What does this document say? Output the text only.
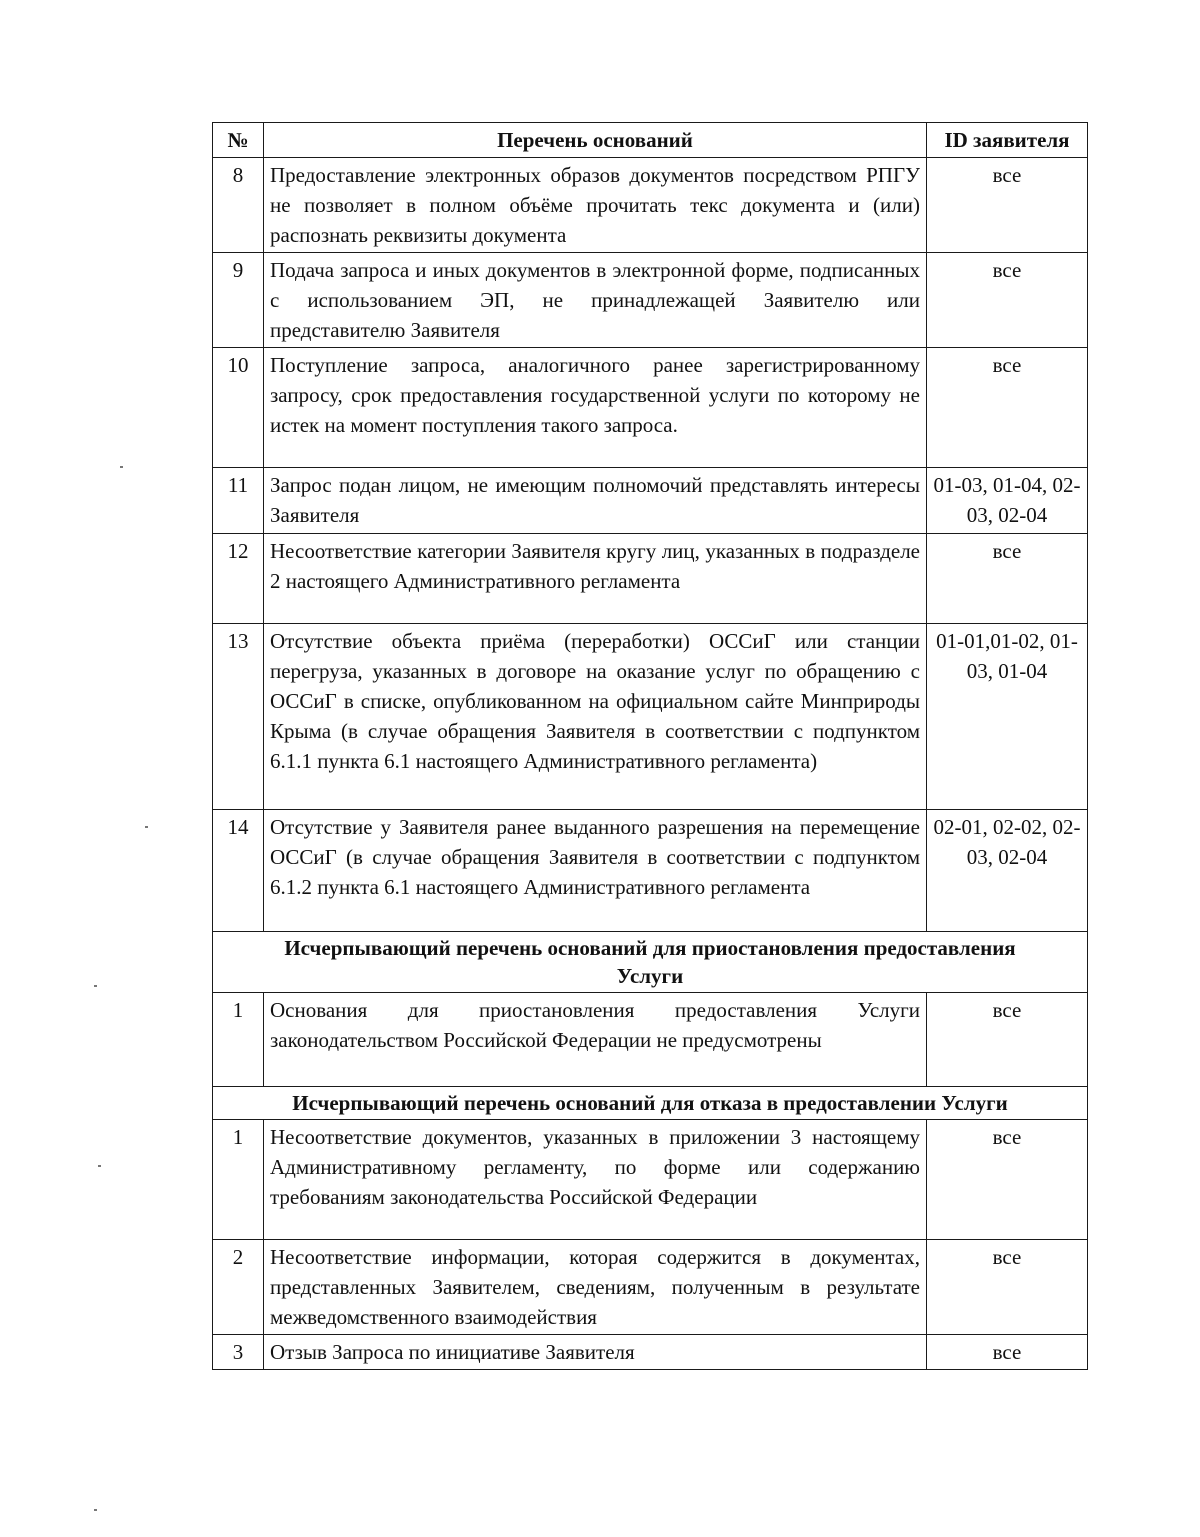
№	Перечень оснований	ID заявителя
8	Предоставление электронных образов документов посредством РПГУ не позволяет в полном объёме прочитать текс документа и (или) распознать реквизиты документа	все
9	Подача запроса и иных документов в электронной форме, подписанных с использованием ЭП, не принадлежащей Заявителю или представителю Заявителя	все
10	Поступление запроса, аналогичного ранее зарегистрированному запросу, срок предоставления государственной услуги по которому не истек на момент поступления такого запроса.	все
11	Запрос подан лицом, не имеющим полномочий представлять интересы Заявителя	01-03, 01-04, 02-03, 02-04
12	Несоответствие категории Заявителя кругу лиц, указанных в подразделе 2 настоящего Административного регламента	все
13	Отсутствие объекта приёма (переработки) ОССиГ или станции перегруза, указанных в договоре на оказание услуг по обращению с ОССиГ в списке, опубликованном на официальном сайте Минприроды Крыма (в случае обращения Заявителя в соответствии с подпунктом 6.1.1 пункта 6.1 настоящего Административного регламента)	01-01,01-02, 01-03, 01-04
14	Отсутствие у Заявителя ранее выданного разрешения на перемещение ОССиГ (в случае обращения Заявителя в соответствии с подпунктом 6.1.2 пункта 6.1 настоящего Административного регламента	02-01, 02-02, 02-03, 02-04
Исчерпывающий перечень оснований для приостановления предоставления Услуги		
1	Основания для приостановления предоставления Услуги законодательством Российской Федерации не предусмотрены	все
Исчерпывающий перечень оснований для отказа в предоставлении Услуги		
1	Несоответствие документов, указанных в приложении 3 настоящему Административному регламенту, по форме или содержанию требованиям законодательства Российской Федерации	все
2	Несоответствие информации, которая содержится в документах, представленных Заявителем, сведениям, полученным в результате межведомственного взаимодействия	все
3	Отзыв Запроса по инициативе Заявителя	все
